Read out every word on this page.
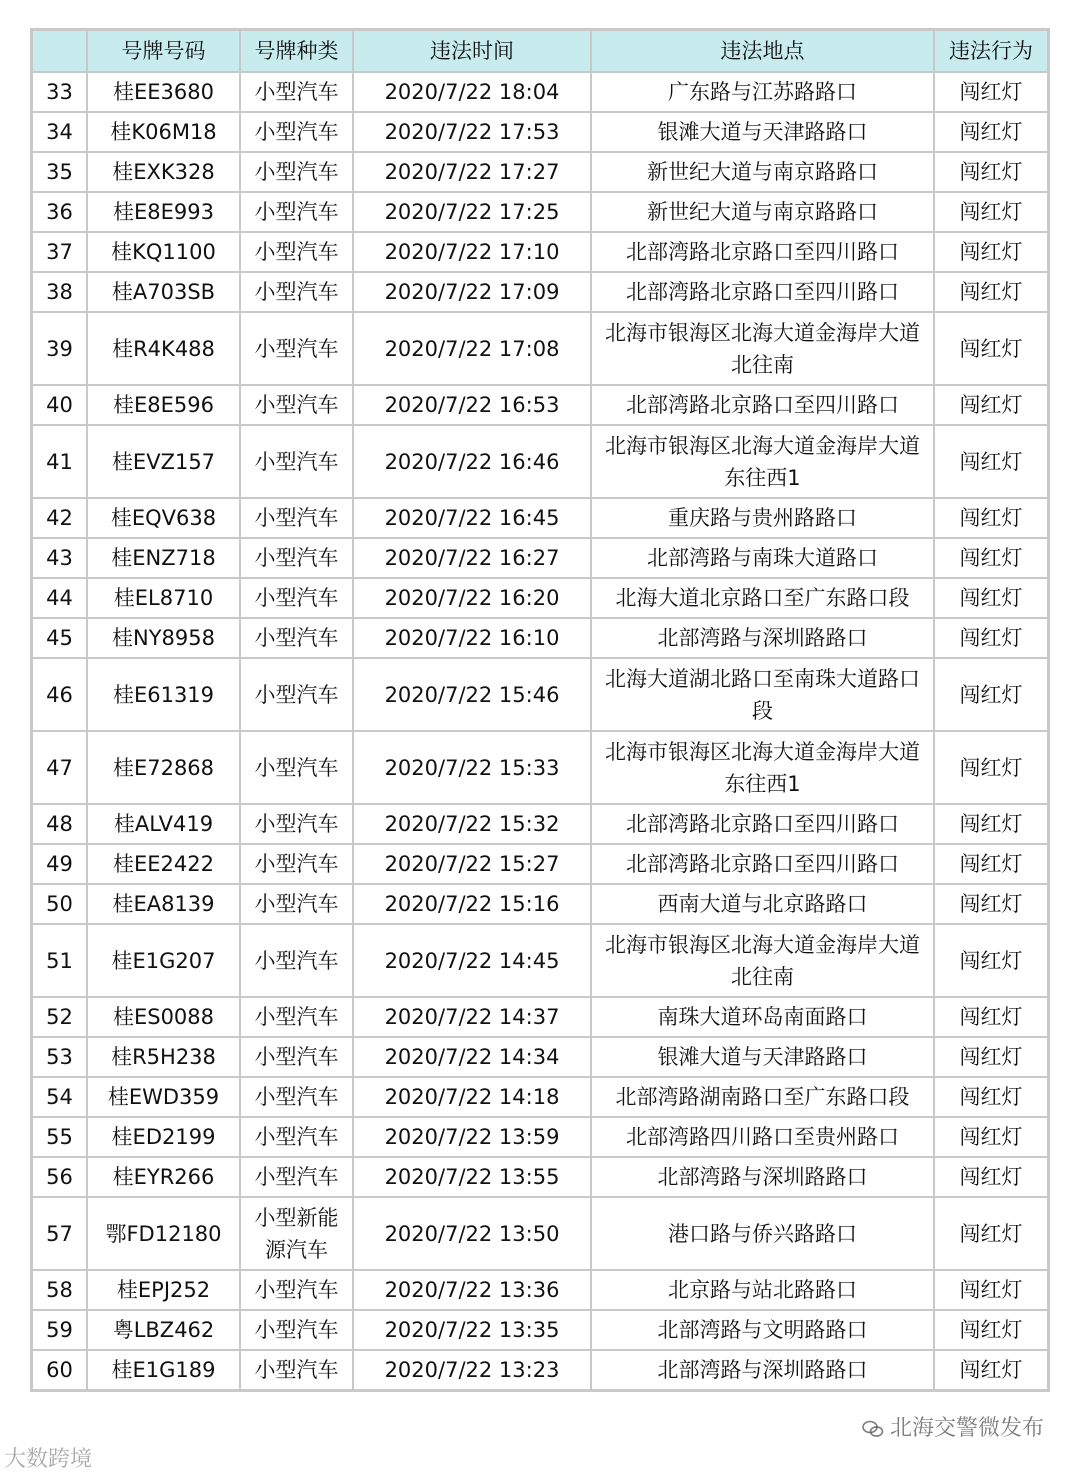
	号牌号码	号牌种类	违法时间	违法地点	违法行为
33	桂EE3680	小型汽车	2020/7/22 18:04	广东路与江苏路路口	闯红灯
34	桂K06M18	小型汽车	2020/7/22 17:53	银滩大道与天津路路口	闯红灯
35	桂EXK328	小型汽车	2020/7/22 17:27	新世纪大道与南京路路口	闯红灯
36	桂E8E993	小型汽车	2020/7/22 17:25	新世纪大道与南京路路口	闯红灯
37	桂KQ1100	小型汽车	2020/7/22 17:10	北部湾路北京路口至四川路口	闯红灯
38	桂A703SB	小型汽车	2020/7/22 17:09	北部湾路北京路口至四川路口	闯红灯
39	桂R4K488	小型汽车	2020/7/22 17:08	北海市银海区北海大道金海岸大道北往南	闯红灯
40	桂E8E596	小型汽车	2020/7/22 16:53	北部湾路北京路口至四川路口	闯红灯
41	桂EVZ157	小型汽车	2020/7/22 16:46	北海市银海区北海大道金海岸大道东往西1	闯红灯
42	桂EQV638	小型汽车	2020/7/22 16:45	重庆路与贵州路路口	闯红灯
43	桂ENZ718	小型汽车	2020/7/22 16:27	北部湾路与南珠大道路口	闯红灯
44	桂EL8710	小型汽车	2020/7/22 16:20	北海大道北京路口至广东路口段	闯红灯
45	桂NY8958	小型汽车	2020/7/22 16:10	北部湾路与深圳路路口	闯红灯
46	桂E61319	小型汽车	2020/7/22 15:46	北海大道湖北路口至南珠大道路口段	闯红灯
47	桂E72868	小型汽车	2020/7/22 15:33	北海市银海区北海大道金海岸大道东往西1	闯红灯
48	桂ALV419	小型汽车	2020/7/22 15:32	北部湾路北京路口至四川路口	闯红灯
49	桂EE2422	小型汽车	2020/7/22 15:27	北部湾路北京路口至四川路口	闯红灯
50	桂EA8139	小型汽车	2020/7/22 15:16	西南大道与北京路路口	闯红灯
51	桂E1G207	小型汽车	2020/7/22 14:45	北海市银海区北海大道金海岸大道北往南	闯红灯
52	桂ES0088	小型汽车	2020/7/22 14:37	南珠大道环岛南面路口	闯红灯
53	桂R5H238	小型汽车	2020/7/22 14:34	银滩大道与天津路路口	闯红灯
54	桂EWD359	小型汽车	2020/7/22 14:18	北部湾路湖南路口至广东路口段	闯红灯
55	桂ED2199	小型汽车	2020/7/22 13:59	北部湾路四川路口至贵州路口	闯红灯
56	桂EYR266	小型汽车	2020/7/22 13:55	北部湾路与深圳路路口	闯红灯
57	鄂FD12180	小型新能源汽车	2020/7/22 13:50	港口路与侨兴路路口	闯红灯
58	桂EPJ252	小型汽车	2020/7/22 13:36	北京路与站北路路口	闯红灯
59	粤LBZ462	小型汽车	2020/7/22 13:35	北部湾路与文明路路口	闯红灯
60	桂E1G189	小型汽车	2020/7/22 13:23	北部湾路与深圳路路口	闯红灯
北海交警微发布
大数跨境
